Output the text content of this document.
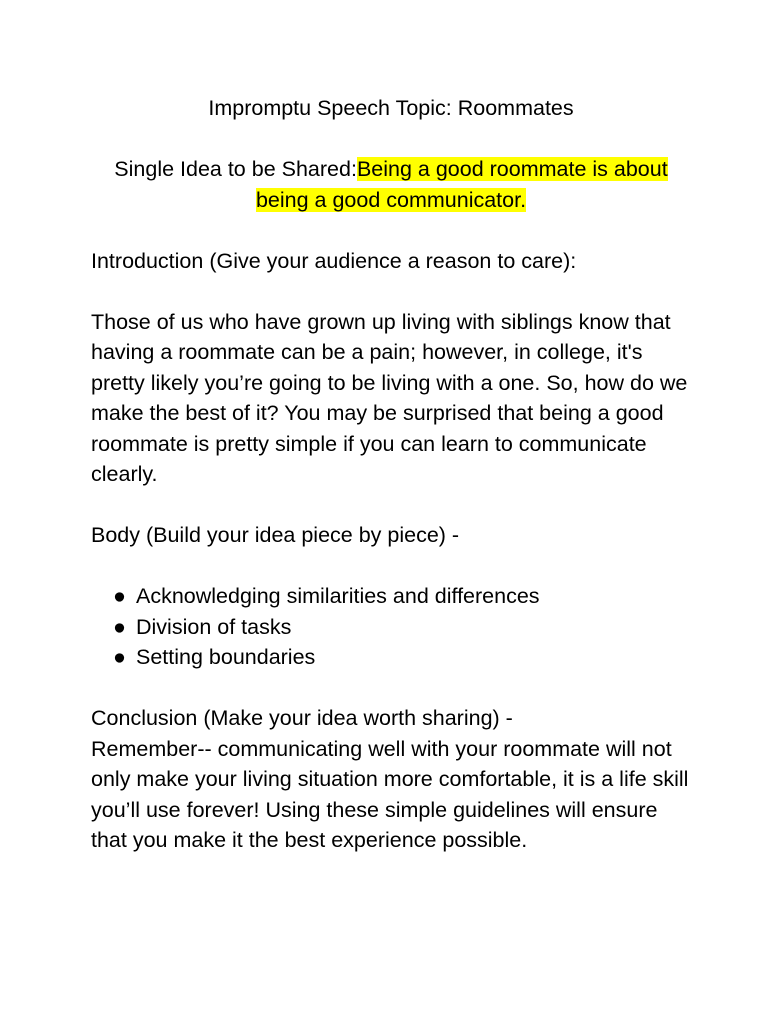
Impromptu Speech Topic: Roommates

Single Idea to be Shared:Being a good roommate is about
being a good communicator.

Introduction (Give your audience a reason to care):

Those of us who have grown up living with siblings know that having a roommate can be a pain; however, in college, it's pretty likely you’re going to be living with a one. So, how do we make the best of it? You may be surprised that being a good roommate is pretty simple if you can learn to communicate clearly.

Body (Build your idea piece by piece) -

● Acknowledging similarities and differences
● Division of tasks
● Setting boundaries

Conclusion (Make your idea worth sharing) -

Remember-- communicating well with your roommate will not only make your living situation more comfortable, it is a life skill you’ll use forever! Using these simple guidelines will ensure that you make it the best experience possible.
